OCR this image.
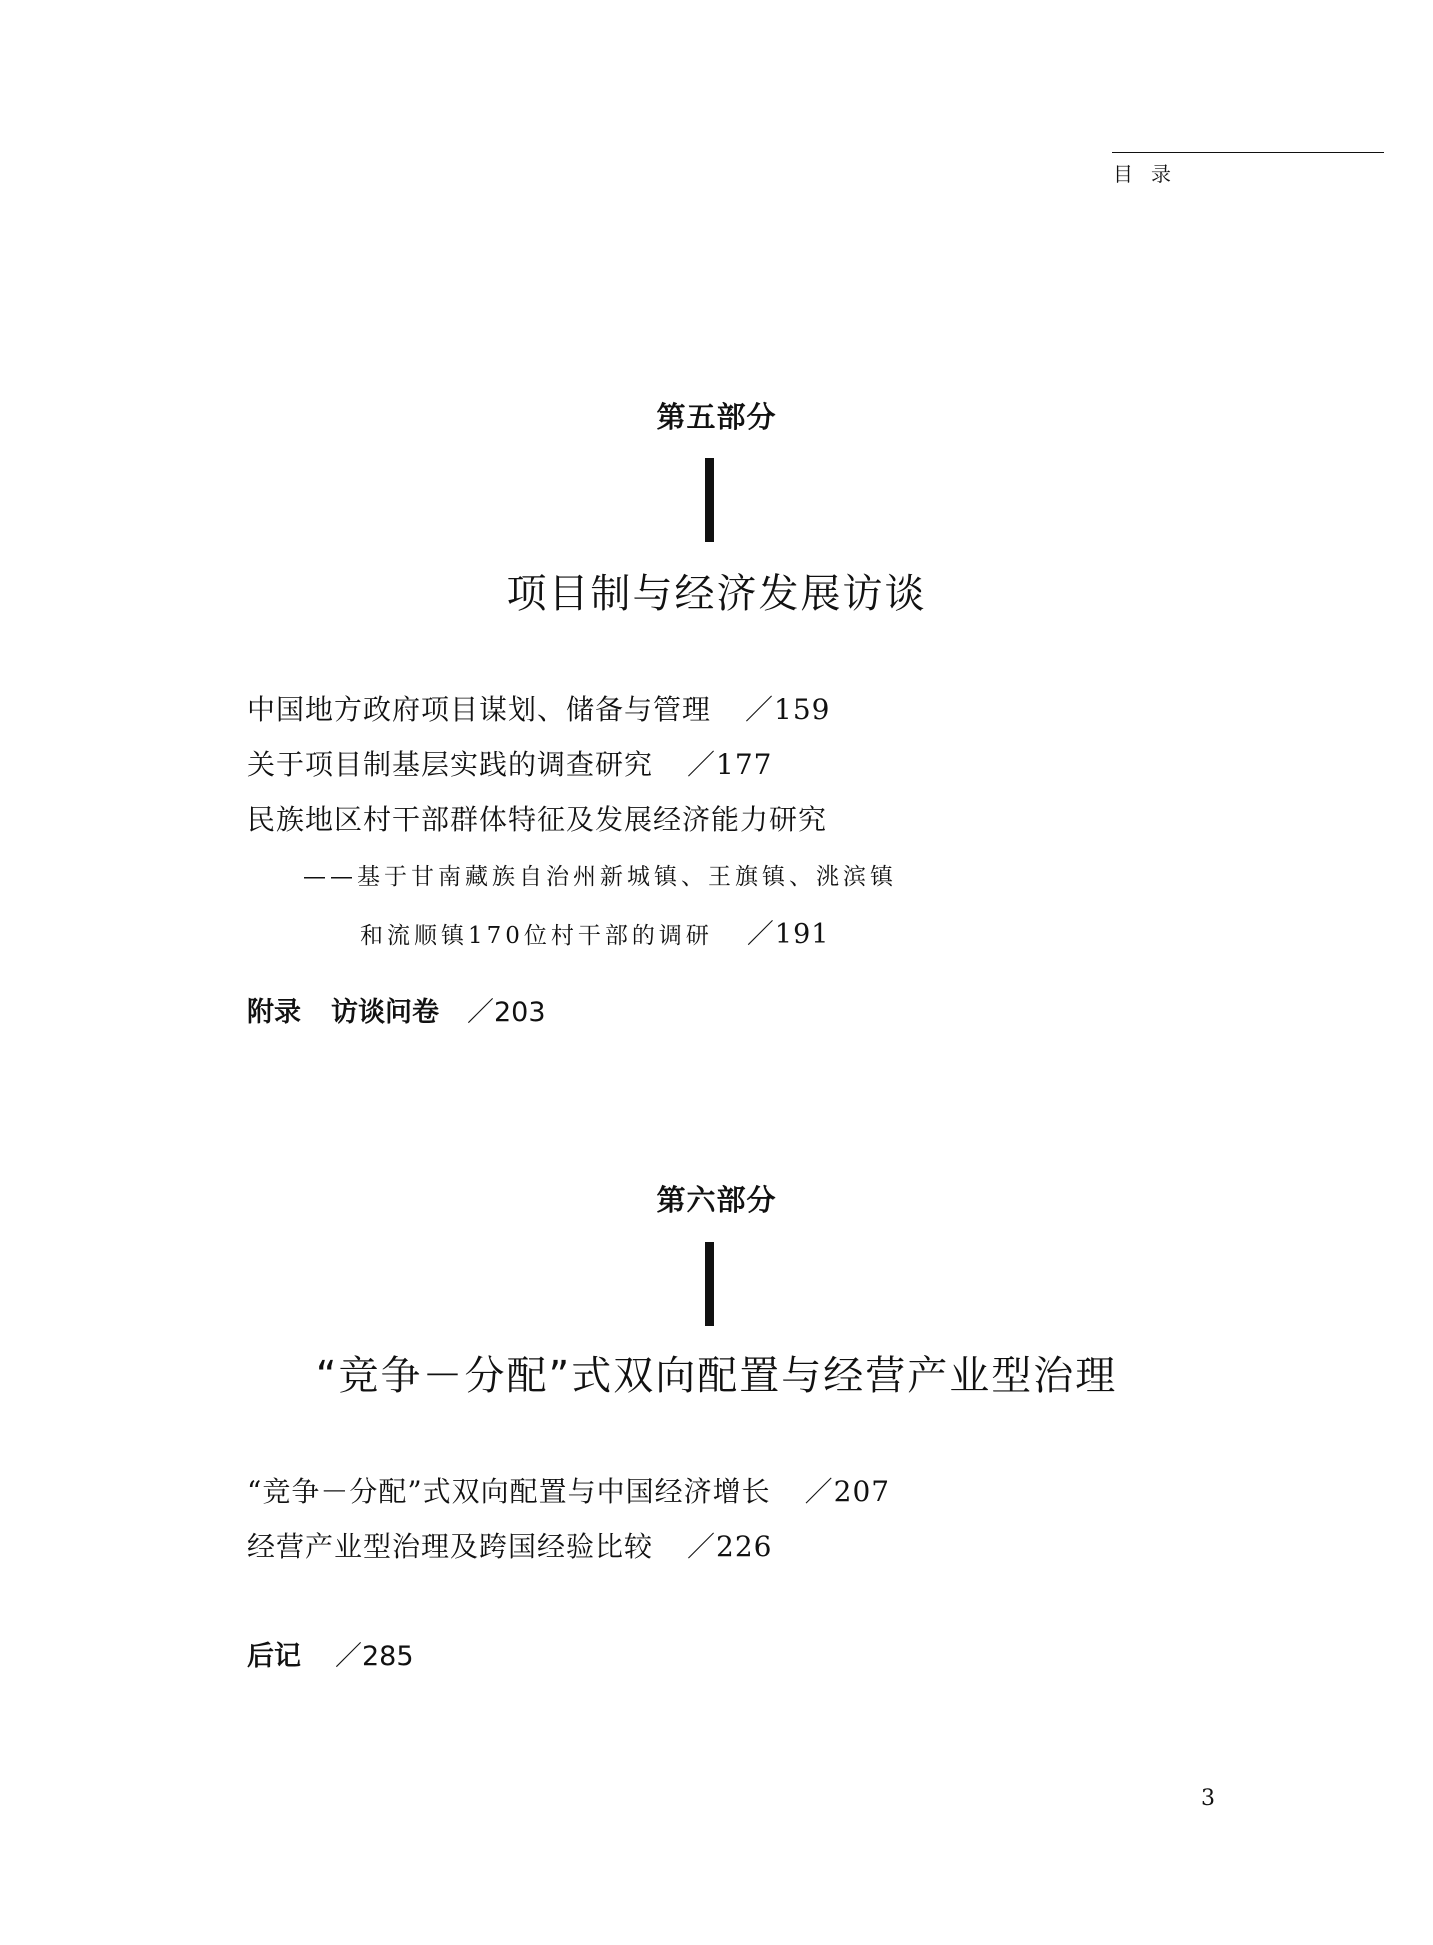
目录
第五部分
项目制与经济发展访谈
中国地方政府项目谋划、储备与管理 ／159
关于项目制基层实践的调查研究 ／177
民族地区村干部群体特征及发展经济能力研究
——基于甘南藏族自治州新城镇、王旗镇、洮滨镇
和流顺镇170位村干部的调研 ／191
附录 访谈问卷 ／203
第六部分
“竞争－分配”式双向配置与经营产业型治理
“竞争－分配”式双向配置与中国经济增长 ／207
经营产业型治理及跨国经验比较 ／226
后记 ／285
3
